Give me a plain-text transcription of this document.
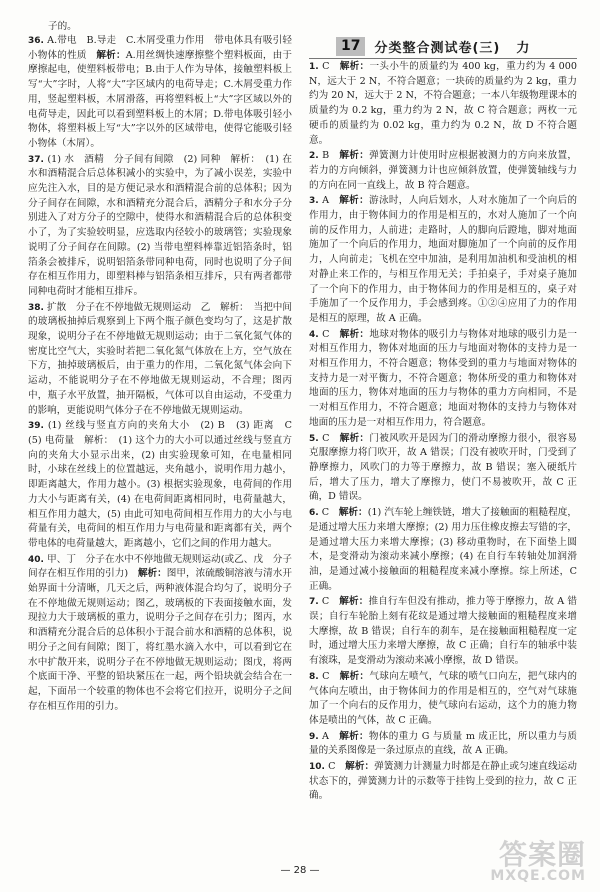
子的。
36. A.带电　B.导走　C.木屑受重力作用　带电体具有吸引轻小物体的性质　 解析：A.用丝绸快速摩擦整个塑料板面，由于摩擦起电，使塑料板带电；B.由于人作为导体，接触塑料板上写“大”字时，人将“大”字区域内的电荷导走；C.木屑受重力作用，竖起塑料板，木屑滑落，再将塑料板上“大”字区域以外的电荷导走，因此可以看到塑料板上的木屑；D.带电体吸引轻小物体，将塑料板上写“大”字以外的区域带电，使得它能吸引轻小物体（木屑）。
37. (1) 水　酒精　分子间有间隙　(2) 同种　解析：　 (1) 在水和酒精混合后总体积减小的实验中，为了减小误差，实验中应先注入水，目的是方便记录水和酒精混合前的总体积；因为分子间存在间隙，水和酒精充分混合后，酒精分子和水分子分别进入了对方分子的空隙中，使得水和酒精混合后的总体积变小了，为了实验较明显，应选取内径较小的玻璃管；实验现象说明了分子间存在间隙。(2) 当带电塑料棒靠近铝箔条时，铝箔条会被排斥，说明铝箔条带同种电荷，同时也说明了分子间存在相互作用力，即塑料棒与铝箔条相互排斥，只有两者都带同种电荷时才能相互排斥。
38. 扩散　分子在不停地做无规则运动　乙　解析：　 当把中间的玻璃板抽掉后观察到上下两个瓶子颜色变均匀了，这是扩散现象，说明分子在不停地做无规则运动；由于二氧化氮气体的密度比空气大，实验时若把二氧化氮气体放在上方，空气放在下方，抽掉玻璃板后，由于重力的作用，二氧化氮气体会向下运动，不能说明分子在不停地做无规则运动，不合理；图丙中，瓶子水平放置，抽开隔板，气体可以自由运动，不受重力的影响，更能说明气体分子在不停地做无规则运动。
39. (1) 丝线与竖直方向的夹角大小　(2) B　(3) 距离　C　(5) 电荷量　解析：　 (1) 这个力的大小可以通过丝线与竖直方向的夹角大小显示出来，(2) 由实验现象可知，在电量相同时，小球在丝线上的位置越远，夹角越小，说明作用力越小，即距离越大，作用力越小。(3) 根据实验现象，电荷间的作用力大小与距离有关，(4) 在电荷间距离相同时，电荷量越大，相互作用力越大，(5) 由此可知电荷间相互作用力的大小与电荷量有关，电荷间的相互作用力与电荷量和距离都有关，两个带电体的电荷量越大，距离越小，它们之间的作用力越大。
40. 甲、丁　分子在水中不停地做无规则运动(或乙、戊　分子间存在相互作用的引力)　 解析：图甲，浓硫酸铜溶液与清水开始界面十分清晰，几天之后，两种液体混合均匀了，说明分子在不停地做无规则运动；图乙，玻璃板的下表面接触水面，发现拉力大于玻璃板的重力，说明分子之间存在引力；图丙，水和酒精充分混合后的总体积小于混合前水和酒精的总体积，说明分子之间有间隙；图丁，将红墨水滴入水中，可以看到它在水中扩散开来，说明分子在不停地做无规则运动；图戊，将两个底面干净、平整的铅块紧压在一起，两个铅块就会结合在一起，下面吊一个较重的物体也不会将它们拉开，说明分子之间存在相互作用的引力。
17	分类整合测试卷(三) 力
1. C　 解析：一头小牛的质量约为 400 kg，重力约为 4 000 N，远大于 2 N，不符合题意；一块砖的质量约为 2 kg，重力约为 20 N，远大于 2 N，不符合题意；一本八年级物理课本的质量约为 0.2 kg，重力约为 2 N，故 C 符合题意；两枚一元硬币的质量约为 0.02 kg，重力约为 0.2 N，故 D 不符合题意。
2. B　 解析：弹簧测力计使用时应根据被测力的方向来放置，若力的方向倾斜，弹簧测力计也应倾斜放置，使弹簧轴线与力的方向在同一直线上，故 B 符合题意。
3. A　 解析：游泳时，人向后划水，人对水施加了一个向后的作用力，由于物体间力的作用是相互的，水对人施加了一个向前的反作用力，人前进；走路时，人的脚向后蹬地，脚对地面施加了一个向后的作用力，地面对脚施加了一个向前的反作用力，人向前走；飞机在空中加油，是利用加油机和受油机的相对静止来工作的，与相互作用无关；手拍桌子，手对桌子施加了一个向下的作用力，由于物体间力的作用是相互的，桌子对手施加了一个反作用力，手会感到疼。①②④应用了力的作用是相互的原理，故 A 正确。
4. C　 解析：地球对物体的吸引力与物体对地球的吸引力是一对相互作用力，物体对地面的压力与地面对物体的支持力是一对相互作用力，不符合题意；物体受到的重力与地面对物体的支持力是一对平衡力，不符合题意；物体所受的重力和物体对地面的压力，物体对地面的压力与物体的重力方向相同，不是一对相互作用力，不符合题意；地面对物体的支持力与物体对地面的压力是一对相互作用力，符合题意。
5. C　 解析：门被风吹开是因为门的滑动摩擦力很小，很容易克服摩擦力将门吹开，故 A 错误；门没有被吹开时，门受到了静摩擦力，风吹门的力等于摩擦力，故 B 错误；塞入硬纸片后，增大了压力，增大了摩擦力，使门不易被吹开，故 C 正确，D 错误。
6. C　 解析：(1) 汽车轮上缠铁链，增大了接触面的粗糙程度，是通过增大压力来增大摩擦；(2) 用力压住橡皮擦去写错的字，是通过增大压力来增大摩擦；(3) 移动重物时，在下面垫上圆木，是变滑动为滚动来减小摩擦；(4) 在自行车转轴处加润滑油，是通过减小接触面的粗糙程度来减小摩擦。综上所述，C 正确。
7. C　 解析：推自行车但没有推动，推力等于摩擦力，故 A 错误；自行车轮胎上刻有花纹是通过增大接触面的粗糙程度来增大摩擦，故 B 错误；自行车的刹车，是在接触面粗糙程度一定时，通过增大压力来增大摩擦，故 C 正确；自行车的轴承中装有滚珠，是变滑动为滚动来减小摩擦，故 D 错误。
8. C　 解析：气球向左喷气，气球的喷气口向左，把气球内的气体向左喷出，由于物体间力的作用是相互的，空气对气球施加了一个向右的反作用力，使气球向右运动，这个力的施力物体是喷出的气体，故 C 正确。
9. A　 解析：物体的重力 G 与质量 m 成正比，所以重力与质量的关系图像是一条过原点的直线，故 A 正确。
10. C　 解析：弹簧测力计测量力时都是在静止或匀速直线运动状态下的，弹簧测力计的示数等于挂钩上受到的拉力，故 C 正确。
— 28 —	答案圈
MXQE.COM
